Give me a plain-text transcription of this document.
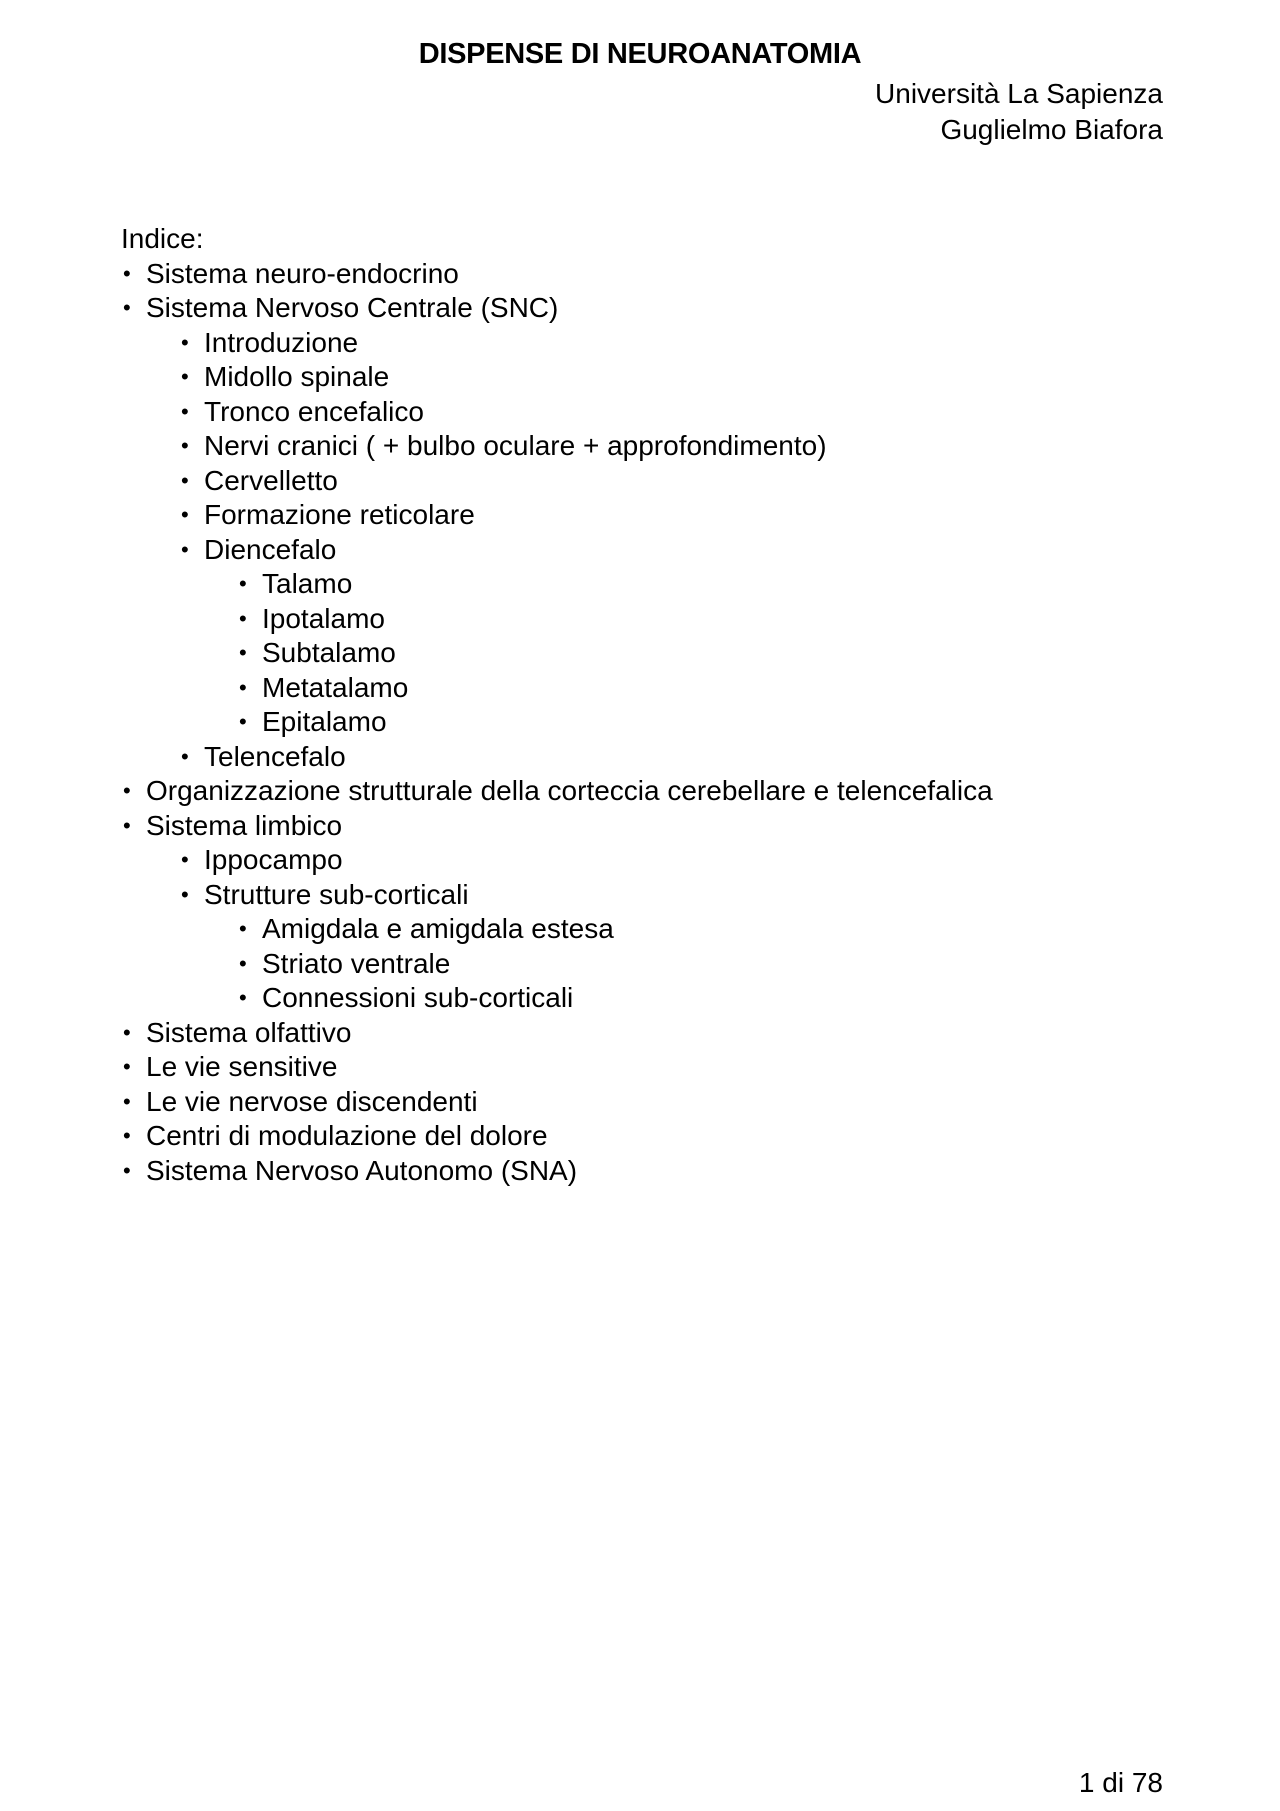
DISPENSE DI NEUROANATOMIA

Università La Sapienza

Guglielmo Biafora

Indice:

• Sistema neuro-endocrino
• Sistema Nervoso Centrale (SNC)
• Introduzione
• Midollo spinale
• Tronco encefalico
• Nervi cranici ( + bulbo oculare + approfondimento)
• Cervelletto
• Formazione reticolare
• Diencefalo
• Talamo
• Ipotalamo
• Subtalamo
• Metatalamo
• Epitalamo
• Telencefalo
• Organizzazione strutturale della corteccia cerebellare e telencefalica
• Sistema limbico
• Ippocampo
• Strutture sub-corticali
• Amigdala e amigdala estesa
• Striato ventrale
• Connessioni sub-corticali
• Sistema olfattivo
• Le vie sensitive
• Le vie nervose discendenti
• Centri di modulazione del dolore
• Sistema Nervoso Autonomo (SNA)

1 di 78
